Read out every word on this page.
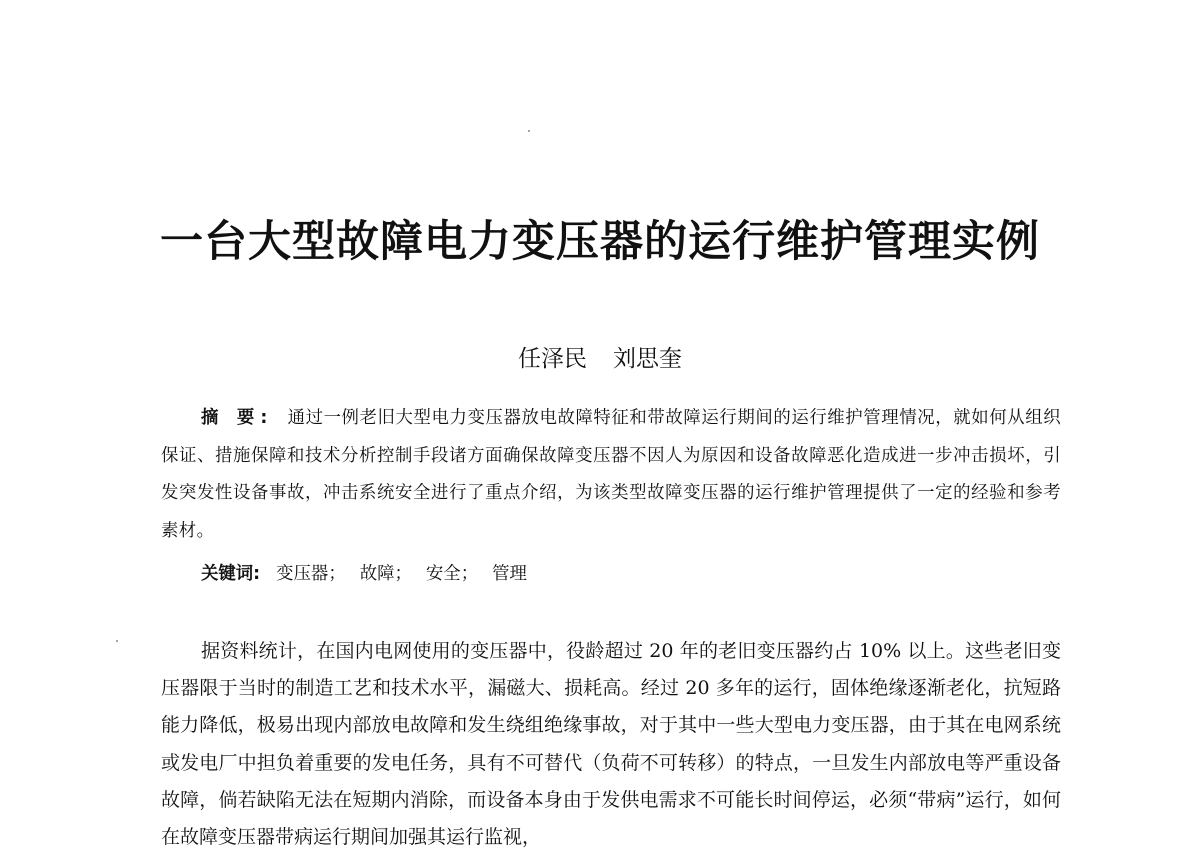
一台大型故障电力变压器的运行维护管理实例
任泽民 刘思奎

摘 要: 通过一例老旧大型电力变压器放电故障特征和带故障运行期间的运行维护管理情况，就如何从组织保证、措施保障和技术分析控制手段诸方面确保故障变压器不因人为原因和设备故障恶化造成进一步冲击损坏，引发突发性设备事故，冲击系统安全进行了重点介绍，为该类型故障变压器的运行维护管理提供了一定的经验和参考素材。

关键词: 变压器； 故障； 安全； 管理

据资料统计，在国内电网使用的变压器中，役龄超过 20 年的老旧变压器约占 10% 以上。这些老旧变压器限于当时的制造工艺和技术水平，漏磁大、损耗高。经过 20 多年的运行，固体绝缘逐渐老化，抗短路能力降低，极易出现内部放电故障和发生绕组绝缘事故，对于其中一些大型电力变压器，由于其在电网系统或发电厂中担负着重要的发电任务，具有不可替代（负荷不可转移）的特点，一旦发生内部放电等严重设备故障，倘若缺陷无法在短期内消除，而设备本身由于发供电需求不可能长时间停运，必须“带病”运行，如何在故障变压器带病运行期间加强其运行监视，
